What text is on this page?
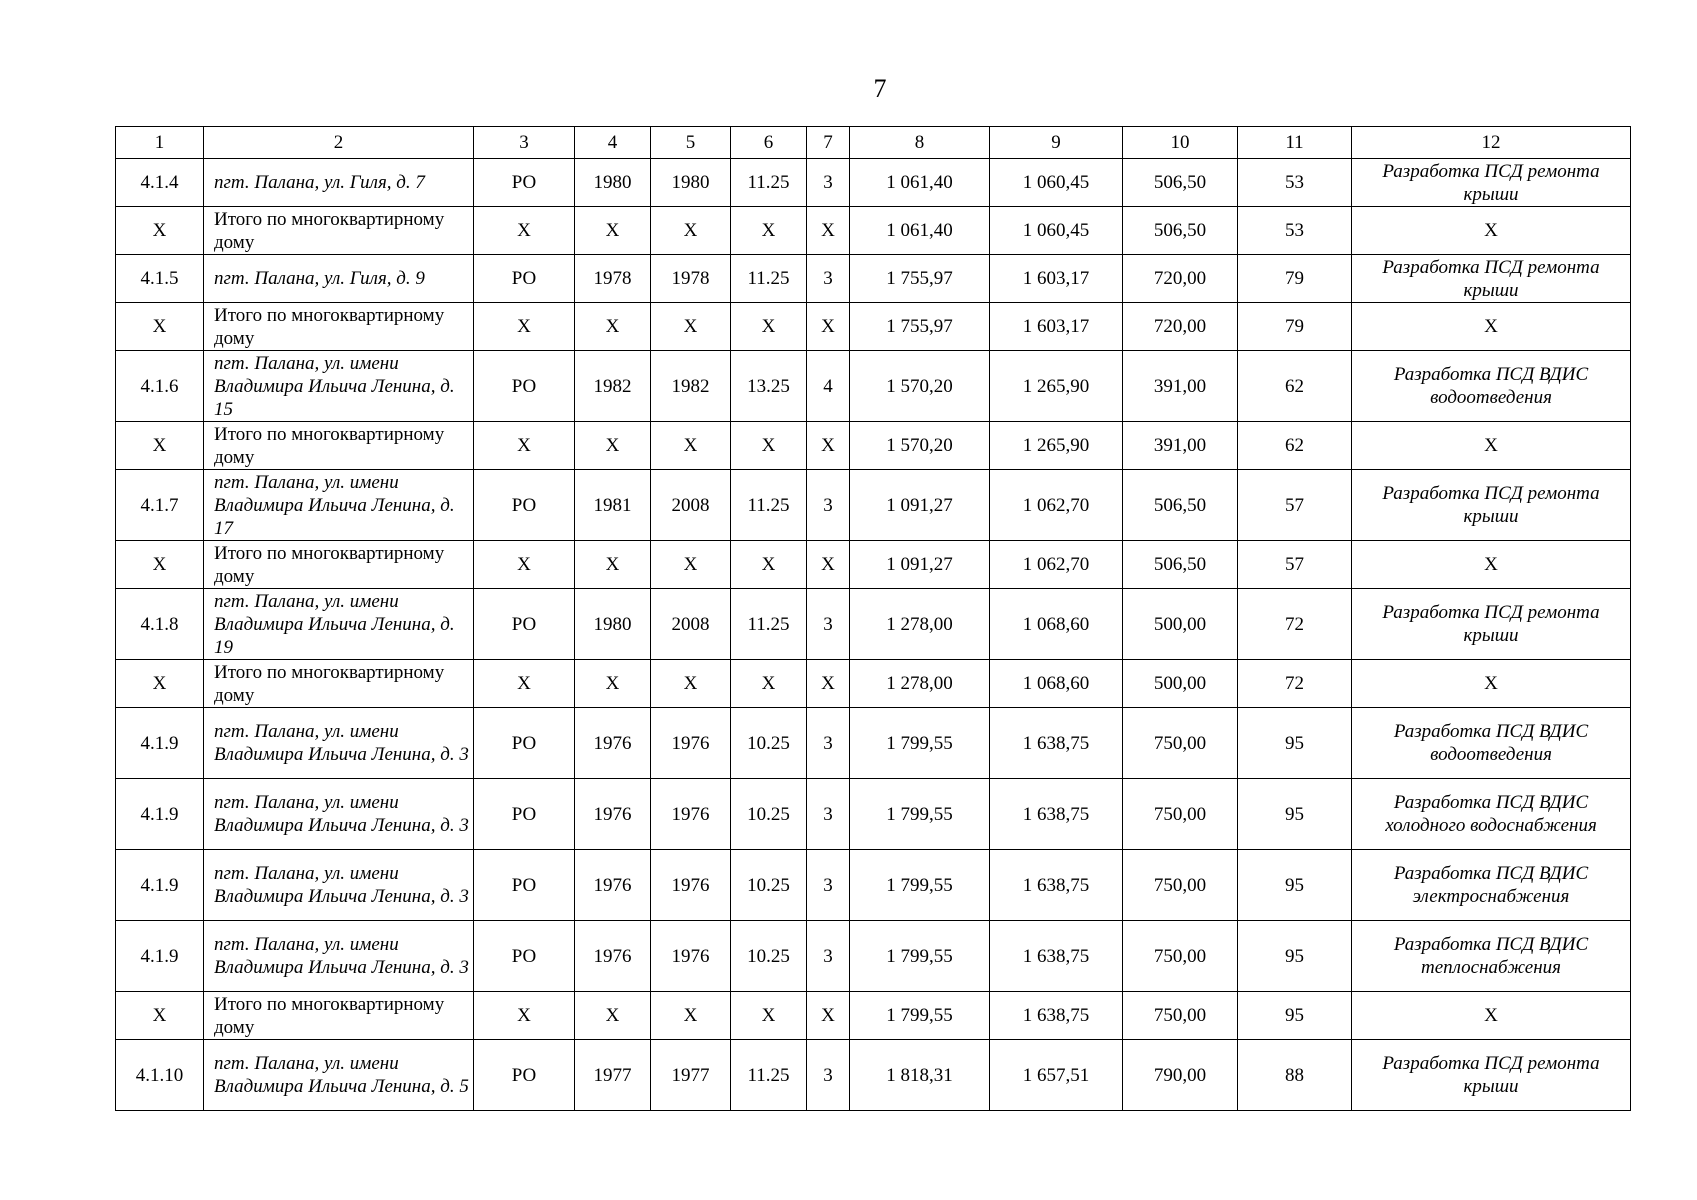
7
1	2	3	4	5	6	7	8	9	10	11	12
4.1.4	пгт. Палана, ул. Гиля, д. 7	РО	1980	1980	11.25	3	1 061,40	1 060,45	506,50	53	Разработка ПСД ремонта крыши
Х	Итого по многоквартирному дому	Х	Х	Х	Х	Х	1 061,40	1 060,45	506,50	53	Х
4.1.5	пгт. Палана, ул. Гиля, д. 9	РО	1978	1978	11.25	3	1 755,97	1 603,17	720,00	79	Разработка ПСД ремонта крыши
Х	Итого по многоквартирному дому	Х	Х	Х	Х	Х	1 755,97	1 603,17	720,00	79	Х
4.1.6	пгт. Палана, ул. имени Владимира Ильича Ленина, д. 15	РО	1982	1982	13.25	4	1 570,20	1 265,90	391,00	62	Разработка ПСД ВДИС водоотведения
Х	Итого по многоквартирному дому	Х	Х	Х	Х	Х	1 570,20	1 265,90	391,00	62	Х
4.1.7	пгт. Палана, ул. имени Владимира Ильича Ленина, д. 17	РО	1981	2008	11.25	3	1 091,27	1 062,70	506,50	57	Разработка ПСД ремонта крыши
Х	Итого по многоквартирному дому	Х	Х	Х	Х	Х	1 091,27	1 062,70	506,50	57	Х
4.1.8	пгт. Палана, ул. имени Владимира Ильича Ленина, д. 19	РО	1980	2008	11.25	3	1 278,00	1 068,60	500,00	72	Разработка ПСД ремонта крыши
Х	Итого по многоквартирному дому	Х	Х	Х	Х	Х	1 278,00	1 068,60	500,00	72	Х
4.1.9	пгт. Палана, ул. имени Владимира Ильича Ленина, д. 3	РО	1976	1976	10.25	3	1 799,55	1 638,75	750,00	95	Разработка ПСД ВДИС водоотведения
4.1.9	пгт. Палана, ул. имени Владимира Ильича Ленина, д. 3	РО	1976	1976	10.25	3	1 799,55	1 638,75	750,00	95	Разработка ПСД ВДИС холодного водоснабжения
4.1.9	пгт. Палана, ул. имени Владимира Ильича Ленина, д. 3	РО	1976	1976	10.25	3	1 799,55	1 638,75	750,00	95	Разработка ПСД ВДИС электроснабжения
4.1.9	пгт. Палана, ул. имени Владимира Ильича Ленина, д. 3	РО	1976	1976	10.25	3	1 799,55	1 638,75	750,00	95	Разработка ПСД ВДИС теплоснабжения
Х	Итого по многоквартирному дому	Х	Х	Х	Х	Х	1 799,55	1 638,75	750,00	95	Х
4.1.10	пгт. Палана, ул. имени Владимира Ильича Ленина, д. 5	РО	1977	1977	11.25	3	1 818,31	1 657,51	790,00	88	Разработка ПСД ремонта крыши
